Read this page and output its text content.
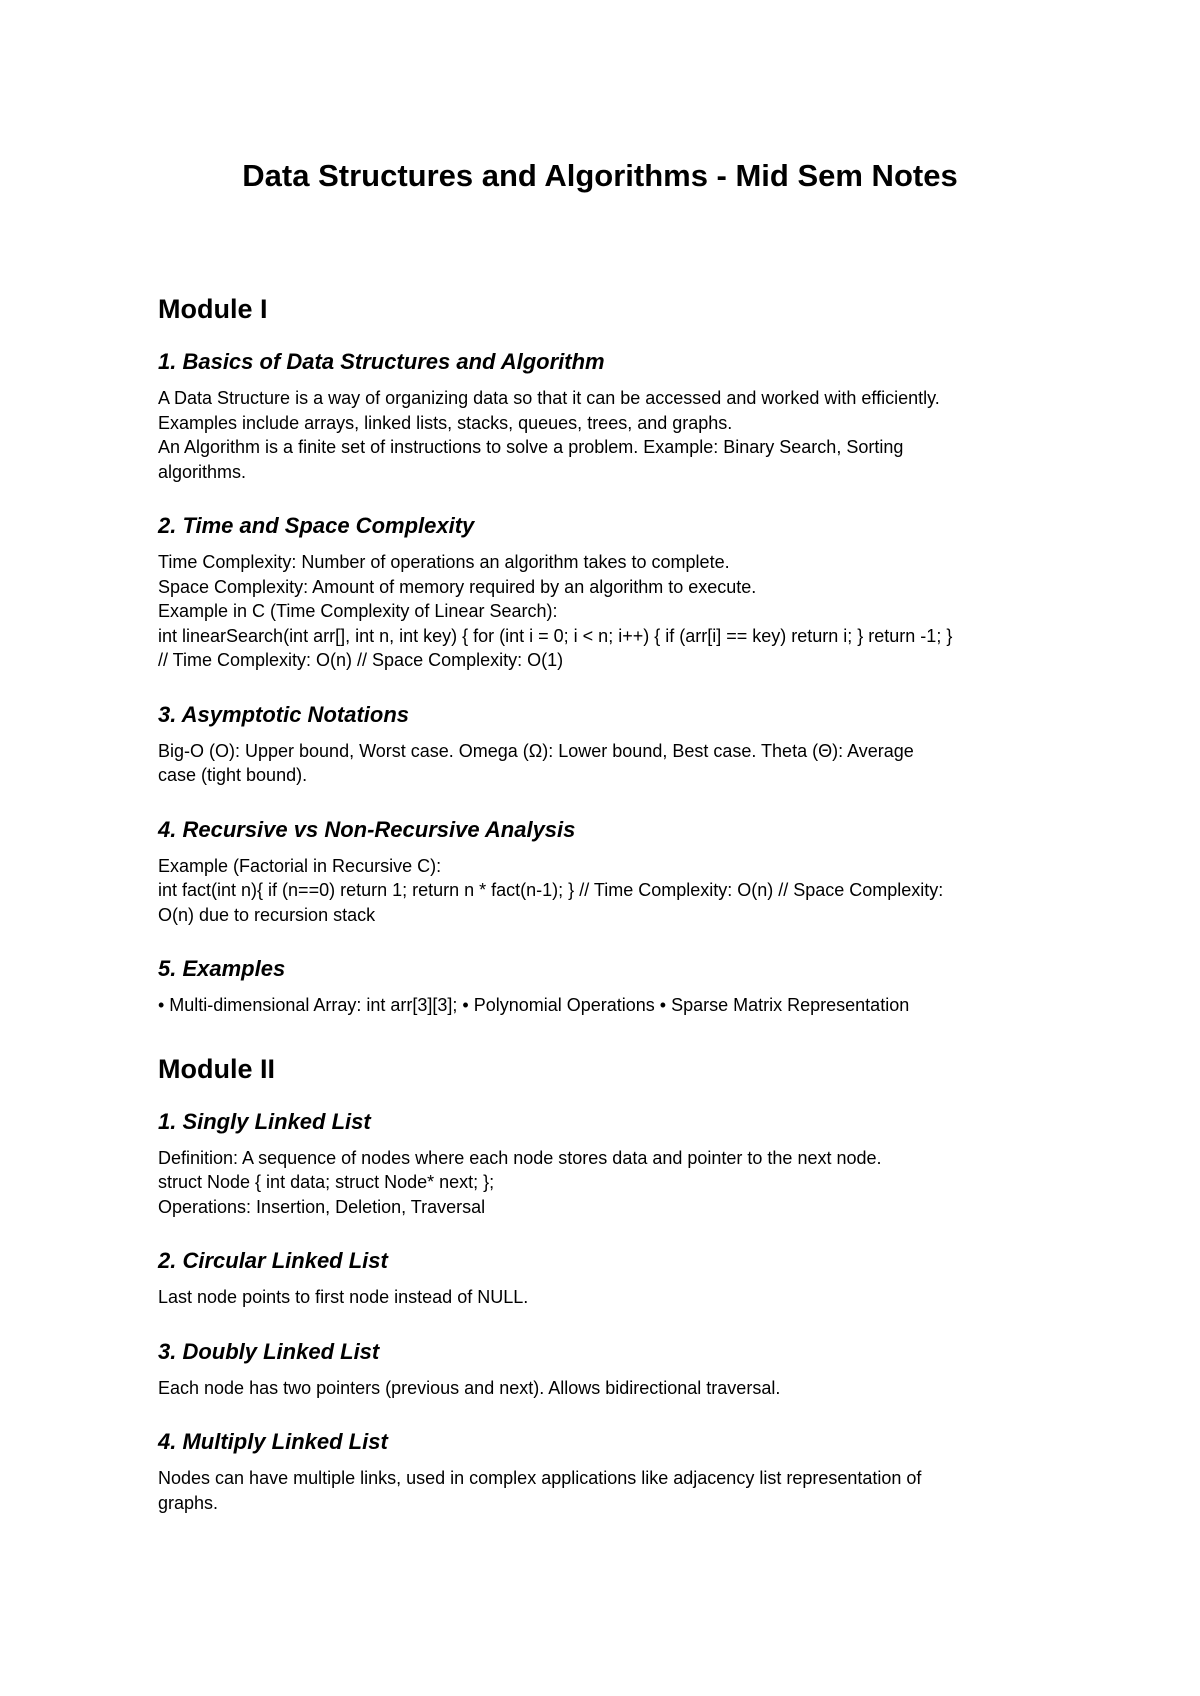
Data Structures and Algorithms - Mid Sem Notes
Module I
1. Basics of Data Structures and Algorithm

A Data Structure is a way of organizing data so that it can be accessed and worked with efficiently.

Examples include arrays, linked lists, stacks, queues, trees, and graphs.

An Algorithm is a finite set of instructions to solve a problem. Example: Binary Search, Sorting

algorithms.

2. Time and Space Complexity

Time Complexity: Number of operations an algorithm takes to complete.

Space Complexity: Amount of memory required by an algorithm to execute.

Example in C (Time Complexity of Linear Search):

int linearSearch(int arr[], int n, int key) { for (int i = 0; i < n; i++) { if (arr[i] == key) return i; } return -1; }

// Time Complexity: O(n) // Space Complexity: O(1)

3. Asymptotic Notations

Big-O (O): Upper bound, Worst case. Omega (Ω): Lower bound, Best case. Theta (Θ): Average

case (tight bound).

4. Recursive vs Non-Recursive Analysis

Example (Factorial in Recursive C):

int fact(int n){ if (n==0) return 1; return n * fact(n-1); } // Time Complexity: O(n) // Space Complexity:

O(n) due to recursion stack

5. Examples

• Multi-dimensional Array: int arr[3][3]; • Polynomial Operations • Sparse Matrix Representation

Module II
1. Singly Linked List

Definition: A sequence of nodes where each node stores data and pointer to the next node.

struct Node { int data; struct Node* next; };

Operations: Insertion, Deletion, Traversal

2. Circular Linked List

Last node points to first node instead of NULL.

3. Doubly Linked List

Each node has two pointers (previous and next). Allows bidirectional traversal.

4. Multiply Linked List

Nodes can have multiple links, used in complex applications like adjacency list representation of

graphs.
